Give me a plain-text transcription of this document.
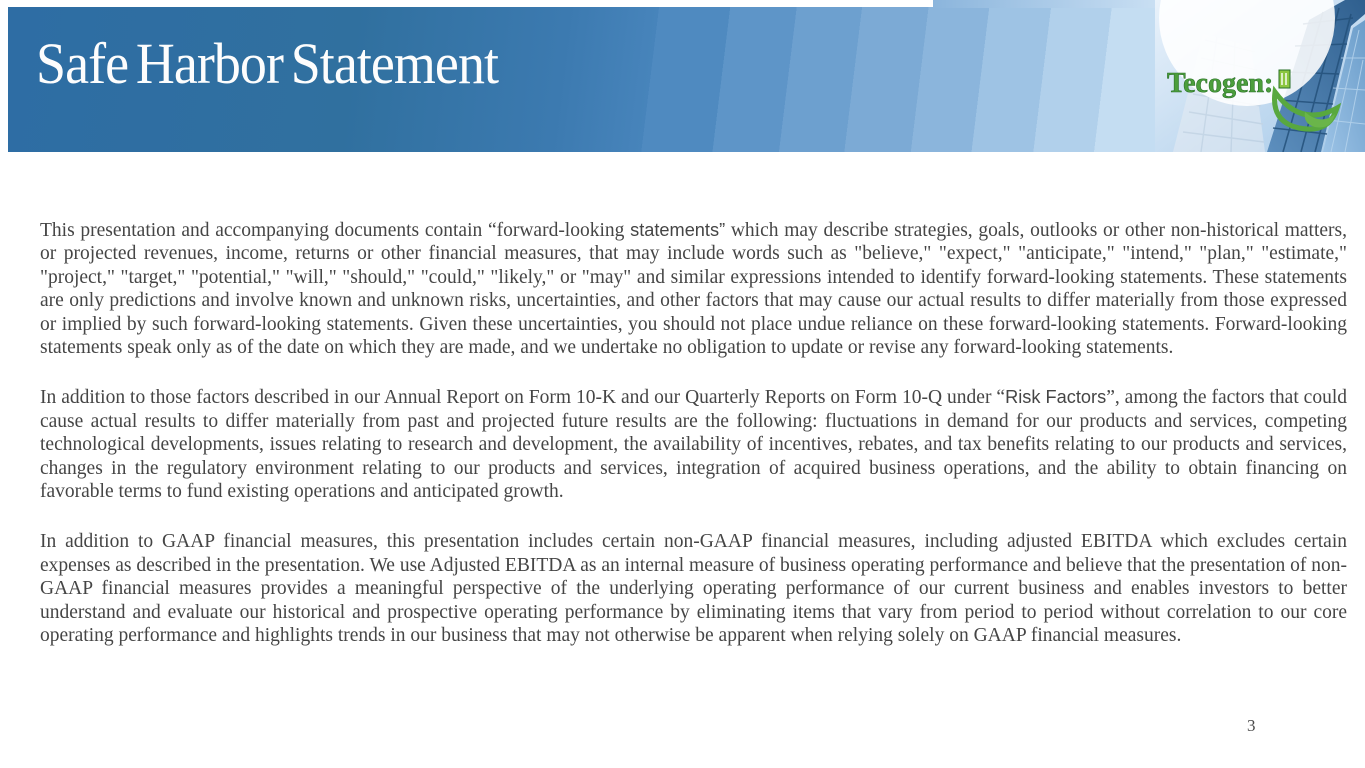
Safe Harbor Statement	Tecogen:

This presentation and accompanying documents contain “forward-looking statements” which may describe strategies, goals, outlooks or other non-historical matters, or projected revenues, income, returns or other financial measures, that may include words such as "believe," "expect," "anticipate," "intend," "plan," "estimate," "project," "target," "potential," "will," "should," "could," "likely," or "may" and similar expressions intended to identify forward-looking statements. These statements are only predictions and involve known and unknown risks, uncertainties, and other factors that may cause our actual results to differ materially from those expressed or implied by such forward-looking statements. Given these uncertainties, you should not place undue reliance on these forward-looking statements. Forward-looking statements speak only as of the date on which they are made, and we undertake no obligation to update or revise any forward-looking statements.

In addition to those factors described in our Annual Report on Form 10-K and our Quarterly Reports on Form 10-Q under “Risk Factors”, among the factors that could cause actual results to differ materially from past and projected future results are the following: fluctuations in demand for our products and services, competing technological developments, issues relating to research and development, the availability of incentives, rebates, and tax benefits relating to our products and services, changes in the regulatory environment relating to our products and services, integration of acquired business operations, and the ability to obtain financing on favorable terms to fund existing operations and anticipated growth.

In addition to GAAP financial measures, this presentation includes certain non-GAAP financial measures, including adjusted EBITDA which excludes certain expenses as described in the presentation. We use Adjusted EBITDA as an internal measure of business operating performance and believe that the presentation of non-GAAP financial measures provides a meaningful perspective of the underlying operating performance of our current business and enables investors to better understand and evaluate our historical and prospective operating performance by eliminating items that vary from period to period without correlation to our core operating performance and highlights trends in our business that may not otherwise be apparent when relying solely on GAAP financial measures.

3
